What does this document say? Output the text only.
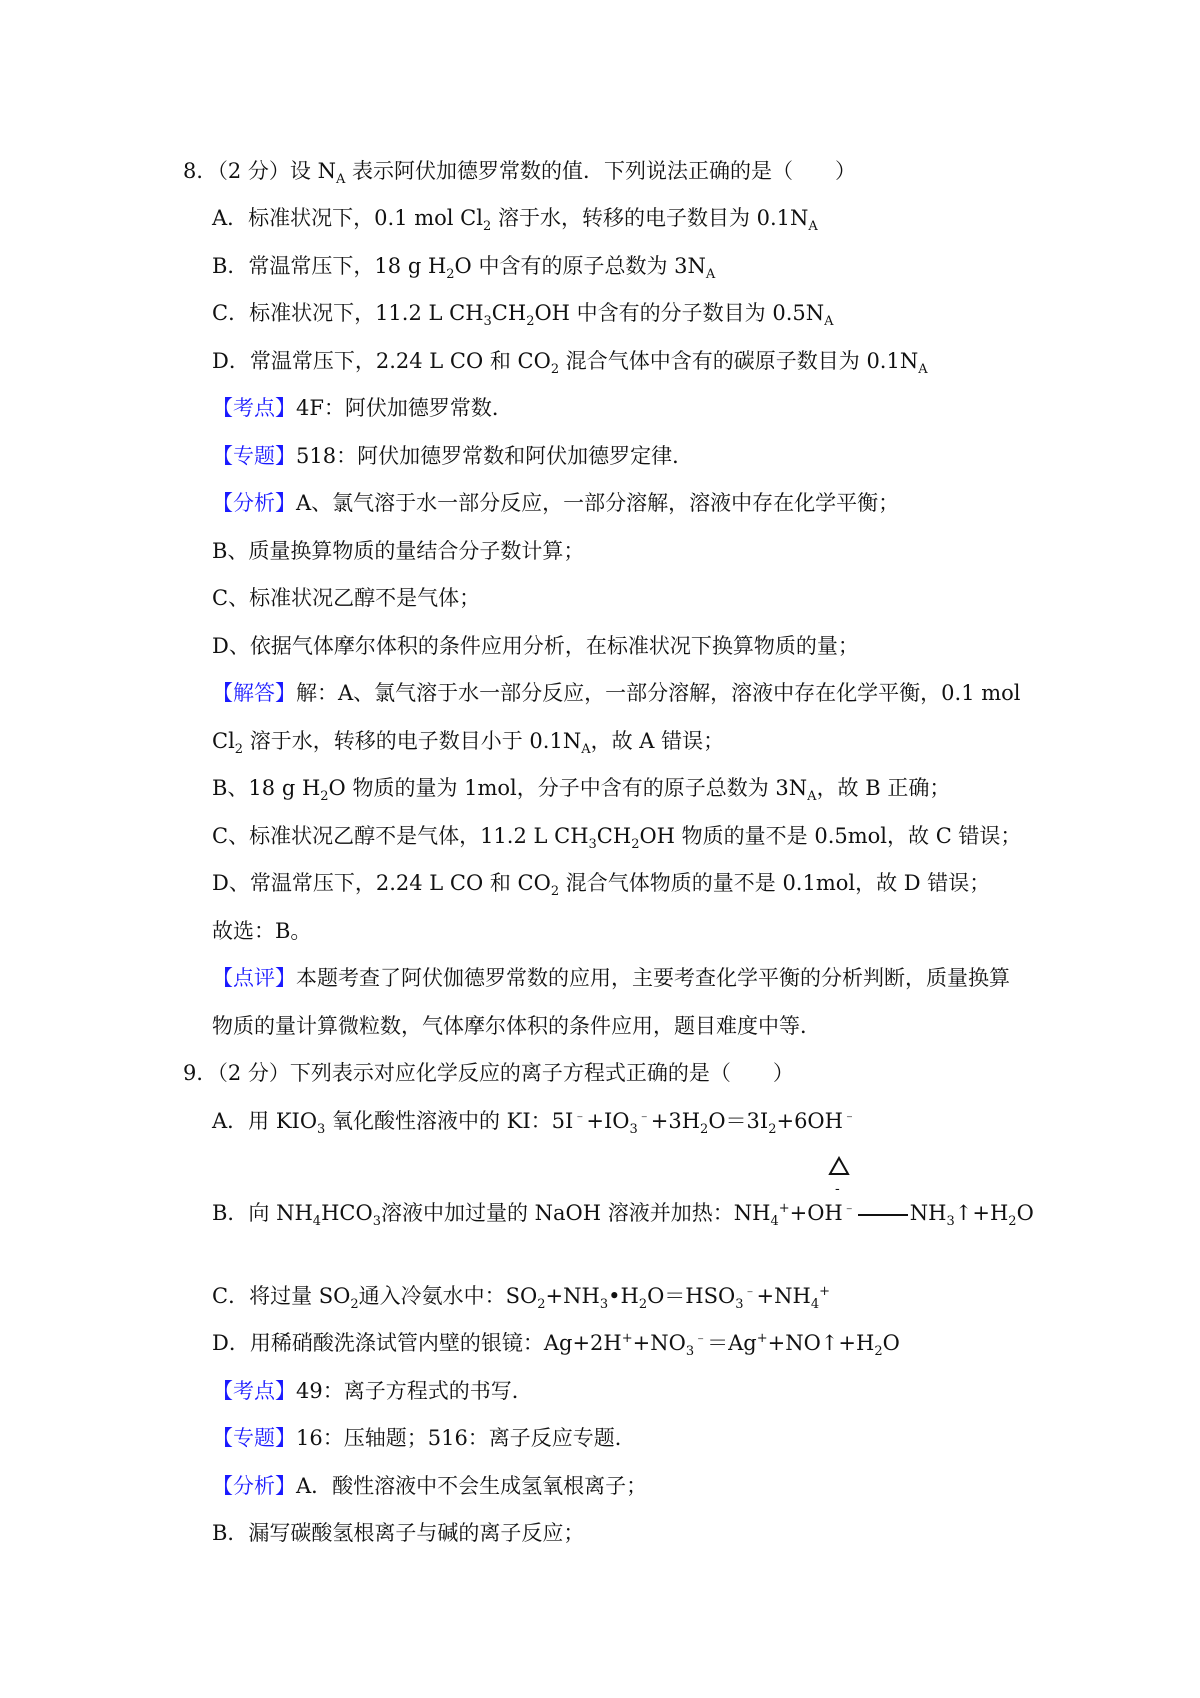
8．（2 分）设 $N_A$ 表示阿伏加德罗常数的值．下列说法正确的是（　　）
A．标准状况下，0.1 mol $Cl_2$ 溶于水，转移的电子数目为 $0.1N_A$
B．常温常压下，18 g $H_2O$ 中含有的原子总数为 $3N_A$
C．标准状况下，11.2 L $CH_3CH_2OH$ 中含有的分子数目为 $0.5N_A$
D．常温常压下，2.24 L CO 和 $CO_2$ 混合气体中含有的碳原子数目为 $0.1N_A$
【考点】4F：阿伏加德罗常数．
【专题】518：阿伏加德罗常数和阿伏加德罗定律．
【分析】A、氯气溶于水一部分反应，一部分溶解，溶液中存在化学平衡；
B、质量换算物质的量结合分子数计算；
C、标准状况乙醇不是气体；
D、依据气体摩尔体积的条件应用分析，在标准状况下换算物质的量；
【解答】解：A、氯气溶于水一部分反应，一部分溶解，溶液中存在化学平衡，0.1 mol
$Cl_2$ 溶于水，转移的电子数目小于 $0.1N_A$，故 A 错误；
B、18 g $H_2O$ 物质的量为 1mol，分子中含有的原子总数为 $3N_A$，故 B 正确；
C、标准状况乙醇不是气体，11.2 L $CH_3CH_2OH$ 物质的量不是 0.5mol，故 C 错误；
D、常温常压下，2.24 L CO 和 $CO_2$ 混合气体物质的量不是 0.1mol，故 D 错误；
故选：B。
【点评】本题考查了阿伏伽德罗常数的应用，主要考查化学平衡的分析判断，质量换算
物质的量计算微粒数，气体摩尔体积的条件应用，题目难度中等．
9．（2 分）下列表示对应化学反应的离子方程式正确的是（　　）
A．用 $KIO_3$ 氧化酸性溶液中的 KI：$5I^﹣+IO_3^﹣+3H_2O=3I_2+6OH^﹣$
-
B．向 $NH_4HCO_3$溶液中加过量的 NaOH 溶液并加热：$NH_4^++OH^﹣$	$NH_3↑+H_2O$
C．将过量 $SO_2$通入冷氨水中：$SO_2+NH_3•H_2O=HSO_3^﹣+NH_4^+$
D．用稀硝酸洗涤试管内壁的银镜：$Ag+2H^++NO_3^﹣=Ag^++NO↑+H_2O$
【考点】49：离子方程式的书写．
【专题】16：压轴题；516：离子反应专题．
【分析】A．酸性溶液中不会生成氢氧根离子；
B．漏写碳酸氢根离子与碱的离子反应；
